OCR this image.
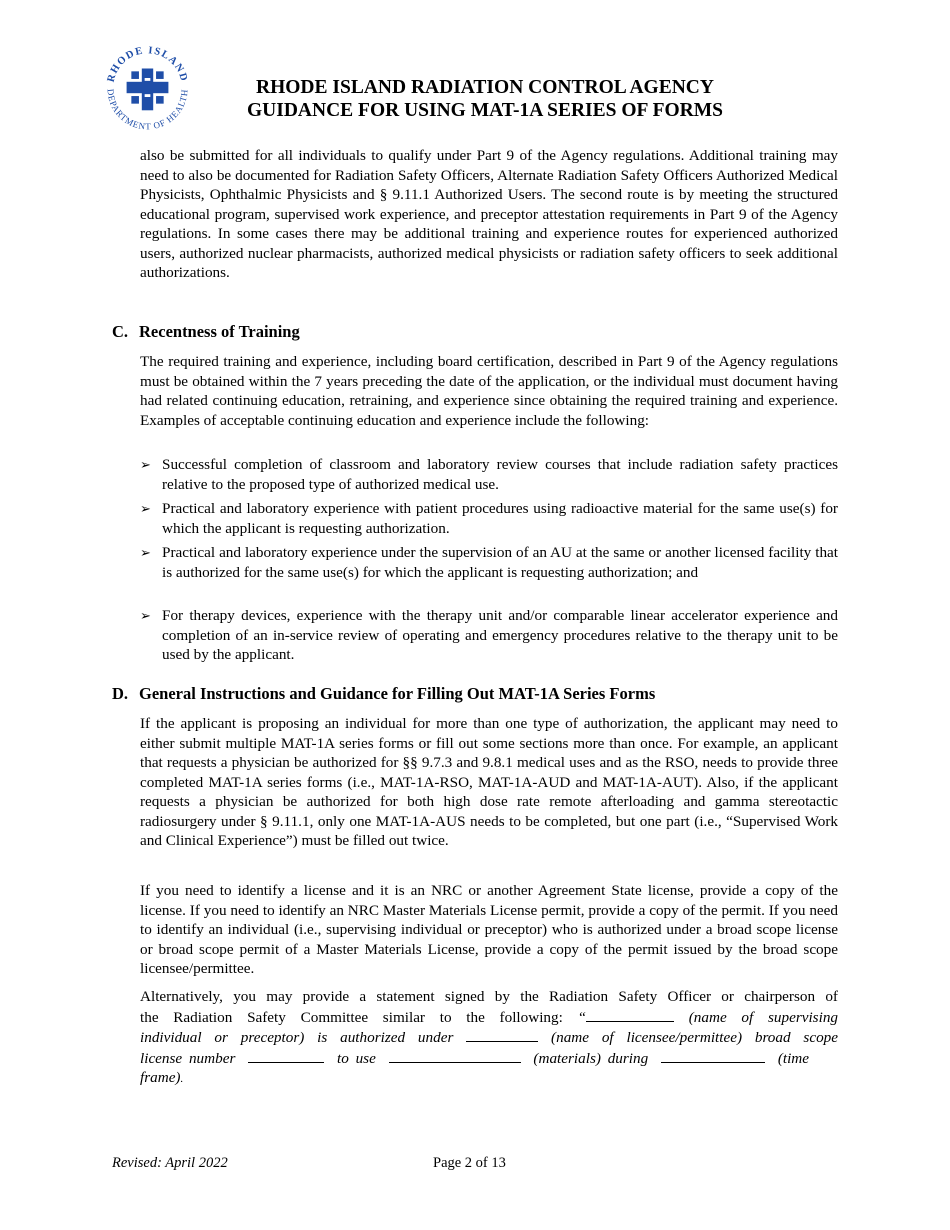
RHODE ISLAND
DEPARTMENT OF HEALTH	RHODE ISLAND RADIATION CONTROL AGENCY
GUIDANCE FOR USING MAT-1A SERIES OF FORMS
also be submitted for all individuals to qualify under Part 9 of the Agency regulations. Additional training may need to also be documented for Radiation Safety Officers, Alternate Radiation Safety Officers Authorized Medical Physicists, Ophthalmic Physicists and § 9.11.1 Authorized Users. The second route is by meeting the structured educational program, supervised work experience, and preceptor attestation requirements in Part 9 of the Agency regulations. In some cases there may be additional training and experience routes for experienced authorized users, authorized nuclear pharmacists, authorized medical physicists or radiation safety officers to seek additional authorizations.
C. Recentness of Training
The required training and experience, including board certification, described in Part 9 of the Agency regulations must be obtained within the 7 years preceding the date of the application, or the individual must document having had related continuing education, retraining, and experience since obtaining the required training and experience. Examples of acceptable continuing education and experience include the following:
➢ Successful completion of classroom and laboratory review courses that include radiation safety practices relative to the proposed type of authorized medical use.
➢ Practical and laboratory experience with patient procedures using radioactive material for the same use(s) for which the applicant is requesting authorization.
➢ Practical and laboratory experience under the supervision of an AU at the same or another licensed facility that is authorized for the same use(s) for which the applicant is requesting authorization; and
➢ For therapy devices, experience with the therapy unit and/or comparable linear accelerator experience and completion of an in-service review of operating and emergency procedures relative to the therapy unit to be used by the applicant.
D. General Instructions and Guidance for Filling Out MAT-1A Series Forms
If the applicant is proposing an individual for more than one type of authorization, the applicant may need to either submit multiple MAT-1A series forms or fill out some sections more than once. For example, an applicant that requests a physician be authorized for §§ 9.7.3 and 9.8.1 medical uses and as the RSO, needs to provide three completed MAT-1A series forms (i.e., MAT-1A-RSO, MAT-1A-AUD and MAT-1A-AUT). Also, if the applicant requests a physician be authorized for both high dose rate remote afterloading and gamma stereotactic radiosurgery under § 9.11.1, only one MAT-1A-AUS needs to be completed, but one part (i.e., “Supervised Work and Clinical Experience”) must be filled out twice.
If you need to identify a license and it is an NRC or another Agreement State license, provide a copy of the license. If you need to identify an NRC Master Materials License permit, provide a copy of the permit. If you need to identify an individual (i.e., supervising individual or preceptor) who is authorized under a broad scope license or broad scope permit of a Master Materials License, provide a copy of the permit issued by the broad scope licensee/permittee.
Alternatively, you may provide a statement signed by the Radiation Safety Officer or chairperson of
the Radiation Safety Committee similar to the following: “	(name of supervising
individual or preceptor) is authorized under	(name of licensee/permittee) broad scope
license number	to use	(materials) during	(time
frame).
Revised: April 2022	Page 2 of 13
